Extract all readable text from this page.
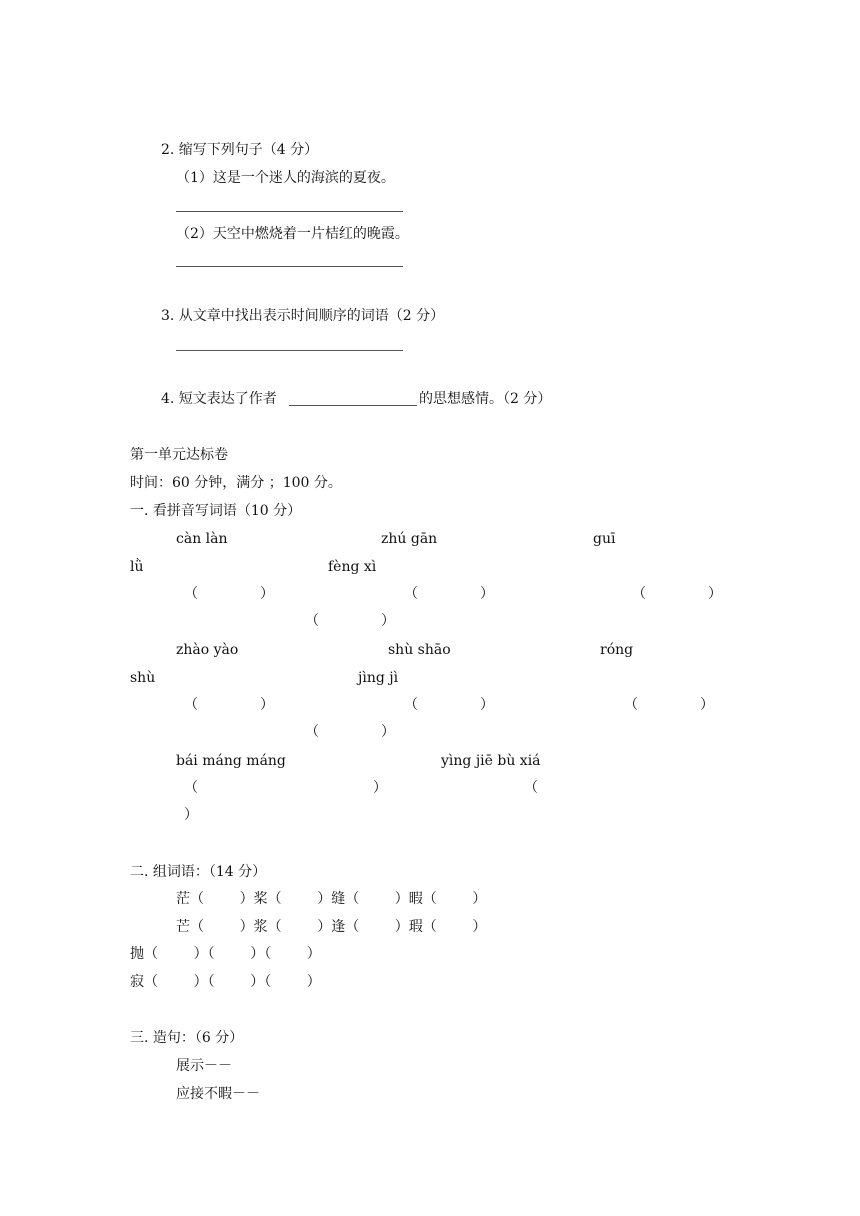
2. 缩写下列句子（4 分）
（1）这是一个迷人的海滨的夏夜。
（2）天空中燃烧着一片桔红的晚霞。
3. 从文章中找出表示时间顺序的词语（2 分）
4. 短文表达了作者	的思想感情。（2 分）
第一单元达标卷
时间：60 分钟，满分 ；100 分。
一. 看拼音写词语（10 分）
càn làn	zhú gān	guī
lǜ	fèng xì
（	）	（	）	（	）
（	）
zhào yào	shù shāo	róng
shù	jìng jì
（	）	（	）	（	）
（	）
bái máng máng	yìng jiē bù xiá
（	）	（
）
二. 组词语：（14 分）
茫（        ）桨（        ）缝（        ）暇（        ）
芒（        ）浆（        ）逢（        ）瑕（        ）
抛（        ）（        ）（        ）
寂（        ）（        ）（        ）
三. 造句：（6 分）
展示－－
应接不暇－－
